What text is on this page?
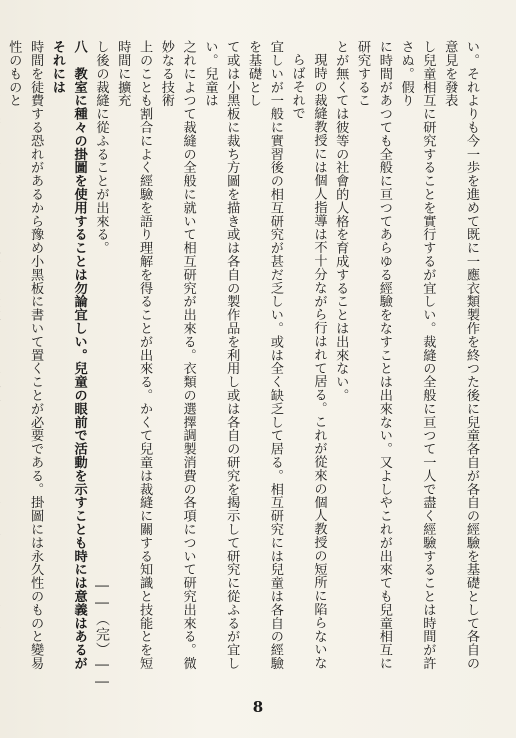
い。それよりも今一歩を進めて既に一應衣類製作を終つた後に兒童各自が各自の經驗を基礎として各自の意見を發表
し兒童相互に研究することを實行するが宜しい。裁縫の全般に亘つて一人で盡く經驗することは時間が許さぬ。假り
に時間があつても全般に亘つてあらゆる經驗をなすことは出來ない。又よしやこれが出來ても兒童相互に研究するこ
とが無くては彼等の社會的人格を育成することは出來ない。
現時の裁縫教授には個人指導は不十分ながら行はれて居る。これが從來の個人教授の短所に陷らないならばそれで
宜しいが一般に實習後の相互研究が甚だ乏しい。或は全く缺乏して居る。相互研究には兒童は各自の經驗を基礎とし
て或は小黑板に裁ち方圖を描き或は各自の製作品を利用し或は各自の研究を揭示して研究に從ふるが宜しい。兒童は
之れによつて裁縫の全般に就いて相互研究が出來る。衣類の選擇調製消費の各項について研究出來る。微妙なる技術
上のことも割合によく經驗を語り理解を得ることが出來る。かくて兒童は裁縫に關する知識と技能とを短時間に擴充
し後の裁縫に從ふることが出來る。
八　教室に種々の掛圖を使用することは勿論宜しい。兒童の眼前で活動を示すことも時には意義はあるがそれには
時間を徒費する恐れがあるから豫め小黑板に書いて置くことが必要である。掛圖には永久性のものと變易性のものと
――（完）――
8
